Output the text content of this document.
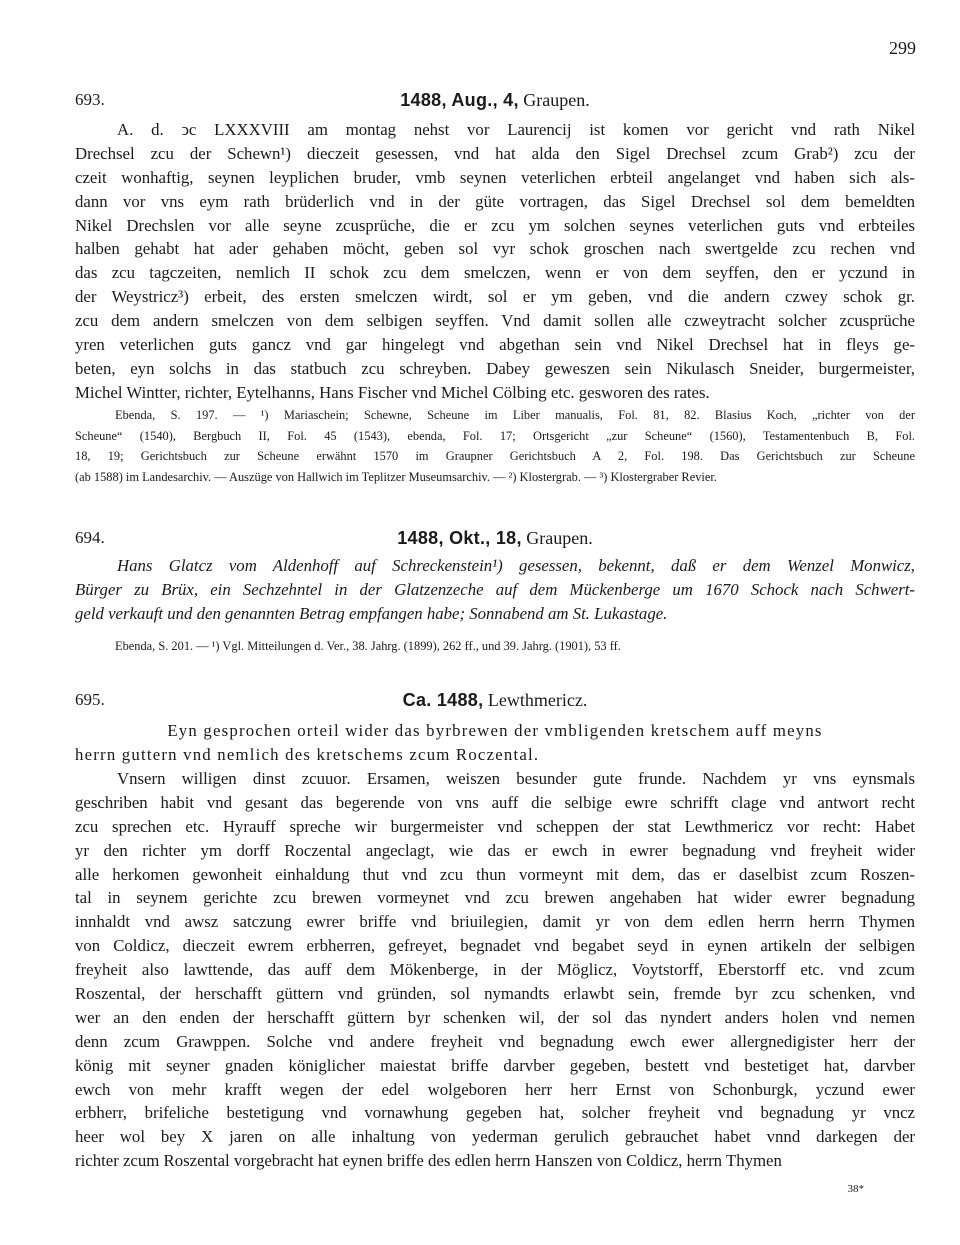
299
693.	1488, Aug., 4, Graupen.
A. d. ↄc LXXXVIII am montag nehst vor Laurencij ist komen vor gericht vnd rath Nikel
Drechsel zcu der Schewn¹) dieczeit gesessen, vnd hat alda den Sigel Drechsel zcum Grab²) zcu der
czeit wonhaftig, seynen leyplichen bruder, vmb seynen veterlichen erbteil angelanget vnd haben sich als-
dann vor vns eym rath brüderlich vnd in der güte vortragen, das Sigel Drechsel sol dem bemeldten
Nikel Drechslen vor alle seyne zcusprüche, die er zcu ym solchen seynes veterlichen guts vnd erbteiles
halben gehabt hat ader gehaben möcht, geben sol vyr schok groschen nach swertgelde zcu rechen vnd
das zcu tagczeiten, nemlich II schok zcu dem smelczen, wenn er von dem seyffen, den er yczund in
der Weystricz³) erbeit, des ersten smelczen wirdt, sol er ym geben, vnd die andern czwey schok gr.
zcu dem andern smelczen von dem selbigen seyffen. Vnd damit sollen alle czweytracht solcher zcusprüche
yren veterlichen guts gancz vnd gar hingelegt vnd abgethan sein vnd Nikel Drechsel hat in fleys ge-
beten, eyn solchs in das statbuch zcu schreyben. Dabey geweszen sein Nikulasch Sneider, burgermeister,
Michel Wintter, richter, Eytelhanns, Hans Fischer vnd Michel Cölbing etc. gesworen des rates.
Ebenda, S. 197. — ¹) Mariaschein; Schewne, Scheune im Liber manualis, Fol. 81, 82. Blasius Koch, „richter von der
Scheune“ (1540), Bergbuch II, Fol. 45 (1543), ebenda, Fol. 17; Ortsgericht „zur Scheune“ (1560), Testamentenbuch B, Fol.
18, 19; Gerichtsbuch zur Scheune erwähnt 1570 im Graupner Gerichtsbuch A 2, Fol. 198. Das Gerichtsbuch zur Scheune
(ab 1588) im Landesarchiv. — Auszüge von Hallwich im Teplitzer Museumsarchiv. — ²) Klostergrab. — ³) Klostergraber Revier.
694.	1488, Okt., 18, Graupen.
Hans Glatcz vom Aldenhoff auf Schreckenstein¹) gesessen, bekennt, daß er dem Wenzel Monwicz,
Bürger zu Brüx, ein Sechzehntel in der Glatzenzeche auf dem Mückenberge um 1670 Schock nach Schwert-
geld verkauft und den genannten Betrag empfangen habe; Sonnabend am St. Lukastage.
Ebenda, S. 201. — ¹) Vgl. Mitteilungen d. Ver., 38. Jahrg. (1899), 262 ff., und 39. Jahrg. (1901), 53 ff.
695.	Ca. 1488, Lewthmericz.
Eyn gesprochen orteil wider das byrbrewen der vmbligenden kretschem auff meyns
herrn guttern vnd nemlich des kretschems zcum Roczental.
Vnsern willigen dinst zcuuor. Ersamen, weiszen besunder gute frunde. Nachdem yr vns eynsmals
geschriben habit vnd gesant das begerende von vns auff die selbige ewre schrifft clage vnd antwort recht
zcu sprechen etc. Hyrauff spreche wir burgermeister vnd scheppen der stat Lewthmericz vor recht: Habet
yr den richter ym dorff Roczental angeclagt, wie das er ewch in ewrer begnadung vnd freyheit wider
alle herkomen gewonheit einhaldung thut vnd zcu thun vormeynt mit dem, das er daselbist zcum Roszen-
tal in seynem gerichte zcu brewen vormeynet vnd zcu brewen angehaben hat wider ewrer begnadung
innhaldt vnd awsz satczung ewrer briffe vnd briuilegien, damit yr von dem edlen herrn herrn Thymen
von Coldicz, dieczeit ewrem erbherren, gefreyet, begnadet vnd begabet seyd in eynen artikeln der selbigen
freyheit also lawttende, das auff dem Mökenberge, in der Möglicz, Voytstorff, Eberstorff etc. vnd zcum
Roszental, der herschafft güttern vnd gründen, sol nymandts erlawbt sein, fremde byr zcu schenken, vnd
wer an den enden der herschafft güttern byr schenken wil, der sol das nyndert anders holen vnd nemen
denn zcum Grawppen. Solche vnd andere freyheit vnd begnadung ewch ewer allergnedigister herr der
könig mit seyner gnaden königlicher maiestat briffe darvber gegeben, bestett vnd bestetiget hat, darvber
ewch von mehr krafft wegen der edel wolgeboren herr herr Ernst von Schonburgk, yczund ewer
erbherr, brifeliche bestetigung vnd vornawhung gegeben hat, solcher freyheit vnd begnadung yr vncz
heer wol bey X jaren on alle inhaltung von yederman gerulich gebrauchet habet vnnd darkegen der
richter zcum Roszental vorgebracht hat eynen briffe des edlen herrn Hanszen von Coldicz, herrn Thymen
38*
